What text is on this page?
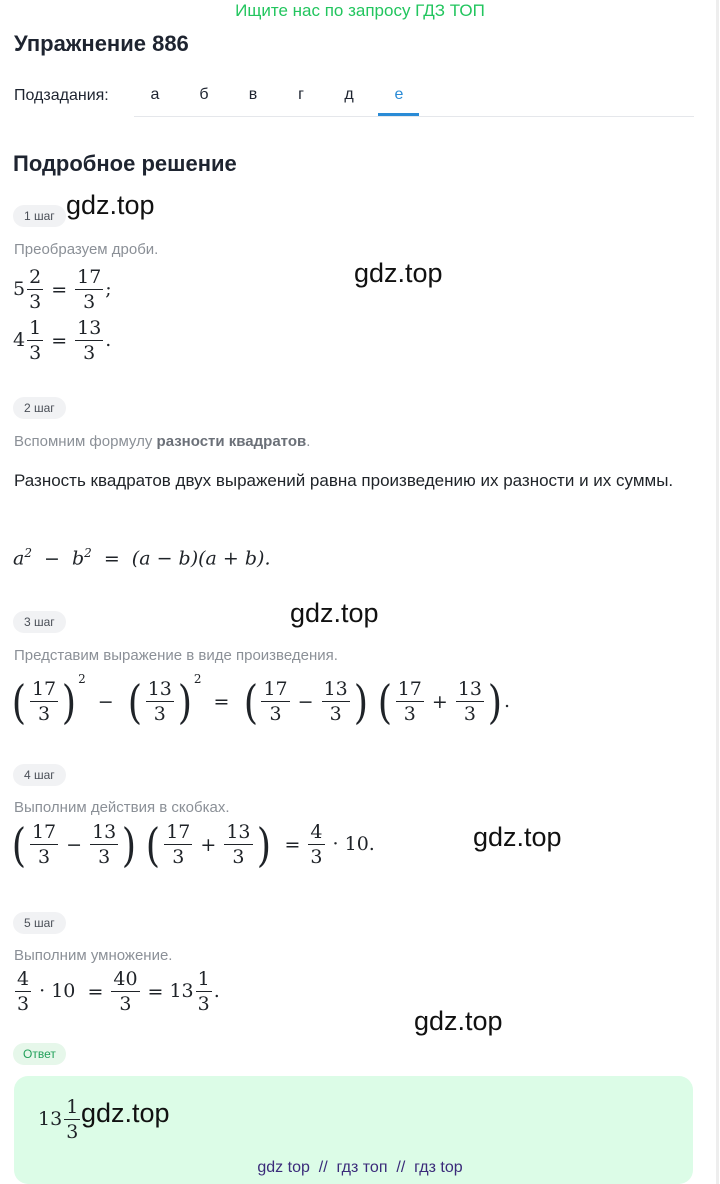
Ищите нас по запросу ГДЗ ТОП
Упражнение 886
Подзадания:	а	б	в	г	д	е
Подробное решение
1 шаг gdz.top
Преобразуем дроби.
gdz.top
$5 \frac{2}{3} = \frac{17}{3}$ ;
$4 \frac{1}{3} = \frac{13}{3}$ .
2 шаг
Вспомним формулу разности квадратов.
Разность квадратов двух выражений равна произведению их разности и их суммы.
$a^2 - b^2 = (a - b)(a + b)$.
3 шаг	gdz.top
Представим выражение в виде произведения.
( $\frac{17}{3}$ ) $^2$ − ( $\frac{13}{3}$ ) $^2$ = ( $\frac{17}{3} - \frac{13}{3}$ ) ( $\frac{17}{3} + \frac{13}{3}$ ).
4 шаг
Выполним действия в скобках.
gdz.top
( $\frac{17}{3} - \frac{13}{3}$ ) ( $\frac{17}{3} + \frac{13}{3}$ ) = $\frac{4}{3} \cdot 10$.
5 шаг
Выполним умножение.
$\frac{4}{3} \cdot 10 = \frac{40}{3} = 13 \frac{1}{3}$ .
gdz.top
Ответ
$13 \frac{1}{3} gdz.top$
gdz top  //  гдз топ  //  гдз top
